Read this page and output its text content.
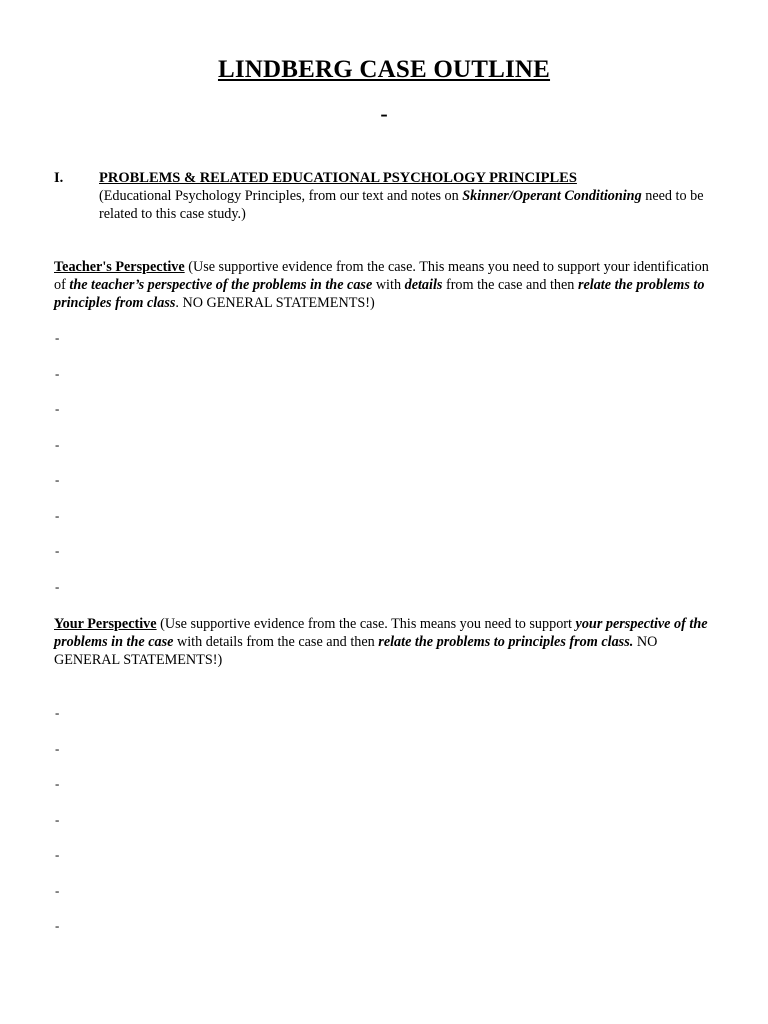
LINDBERG CASE OUTLINE
-
I. PROBLEMS & RELATED EDUCATIONAL PSYCHOLOGY PRINCIPLES
(Educational Psychology Principles, from our text and notes on Skinner/Operant Conditioning need to be related to this case study.)
Teacher's Perspective (Use supportive evidence from the case. This means you need to support your identification of the teacher’s perspective of the problems in the case with details from the case and then relate the problems to principles from class. NO GENERAL STATEMENTS!)
-
-
-
-
-
-
-
-
Your Perspective (Use supportive evidence from the case. This means you need to support your perspective of the problems in the case with details from the case and then relate the problems to principles from class. NO GENERAL STATEMENTS!)
-
-
-
-
-
-
-
